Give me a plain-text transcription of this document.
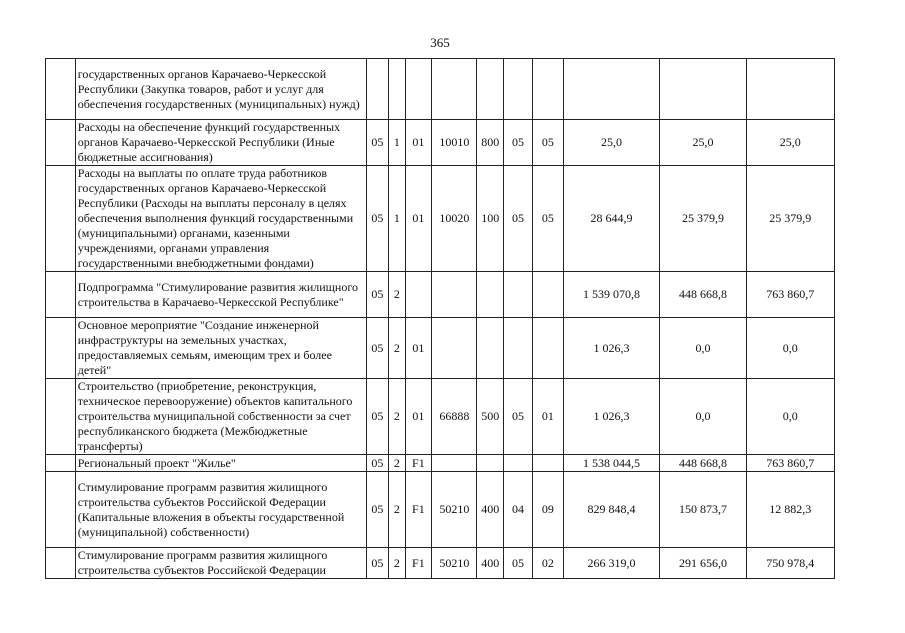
365
	государственных органов Карачаево-Черкесской Республики (Закупка товаров, работ и услуг для обеспечения государственных (муниципальных) нужд)										
	Расходы на обеспечение функций государственных органов Карачаево-Черкесской Республики (Иные бюджетные ассигнования)	05	1	01	10010	800	05	05	25,0	25,0	25,0
	Расходы на выплаты по оплате труда работников государственных органов Карачаево-Черкесской Республики (Расходы на выплаты персоналу в целях обеспечения выполнения функций государственными (муниципальными) органами, казенными учреждениями, органами управления государственными внебюджетными фондами)	05	1	01	10020	100	05	05	28 644,9	25 379,9	25 379,9
	Подпрограмма "Стимулирование развития жилищного строительства в Карачаево-Черкесской Республике"	05	2						1 539 070,8	448 668,8	763 860,7
	Основное мероприятие "Создание инженерной инфраструктуры на земельных участках, предоставляемых семьям, имеющим трех и более детей"	05	2	01					1 026,3	0,0	0,0
	Строительство (приобретение, реконструкция, техническое перевооружение) объектов капитального строительства муниципальной собственности за счет республиканского бюджета (Межбюджетные трансферты)	05	2	01	66888	500	05	01	1 026,3	0,0	0,0
	Региональный проект "Жилье"	05	2	F1					1 538 044,5	448 668,8	763 860,7
	Стимулирование программ развития жилищного строительства субъектов Российской Федерации (Капитальные вложения в объекты государственной (муниципальной) собственности)	05	2	F1	50210	400	04	09	829 848,4	150 873,7	12 882,3
	Стимулирование программ развития жилищного строительства субъектов Российской Федерации	05	2	F1	50210	400	05	02	266 319,0	291 656,0	750 978,4
